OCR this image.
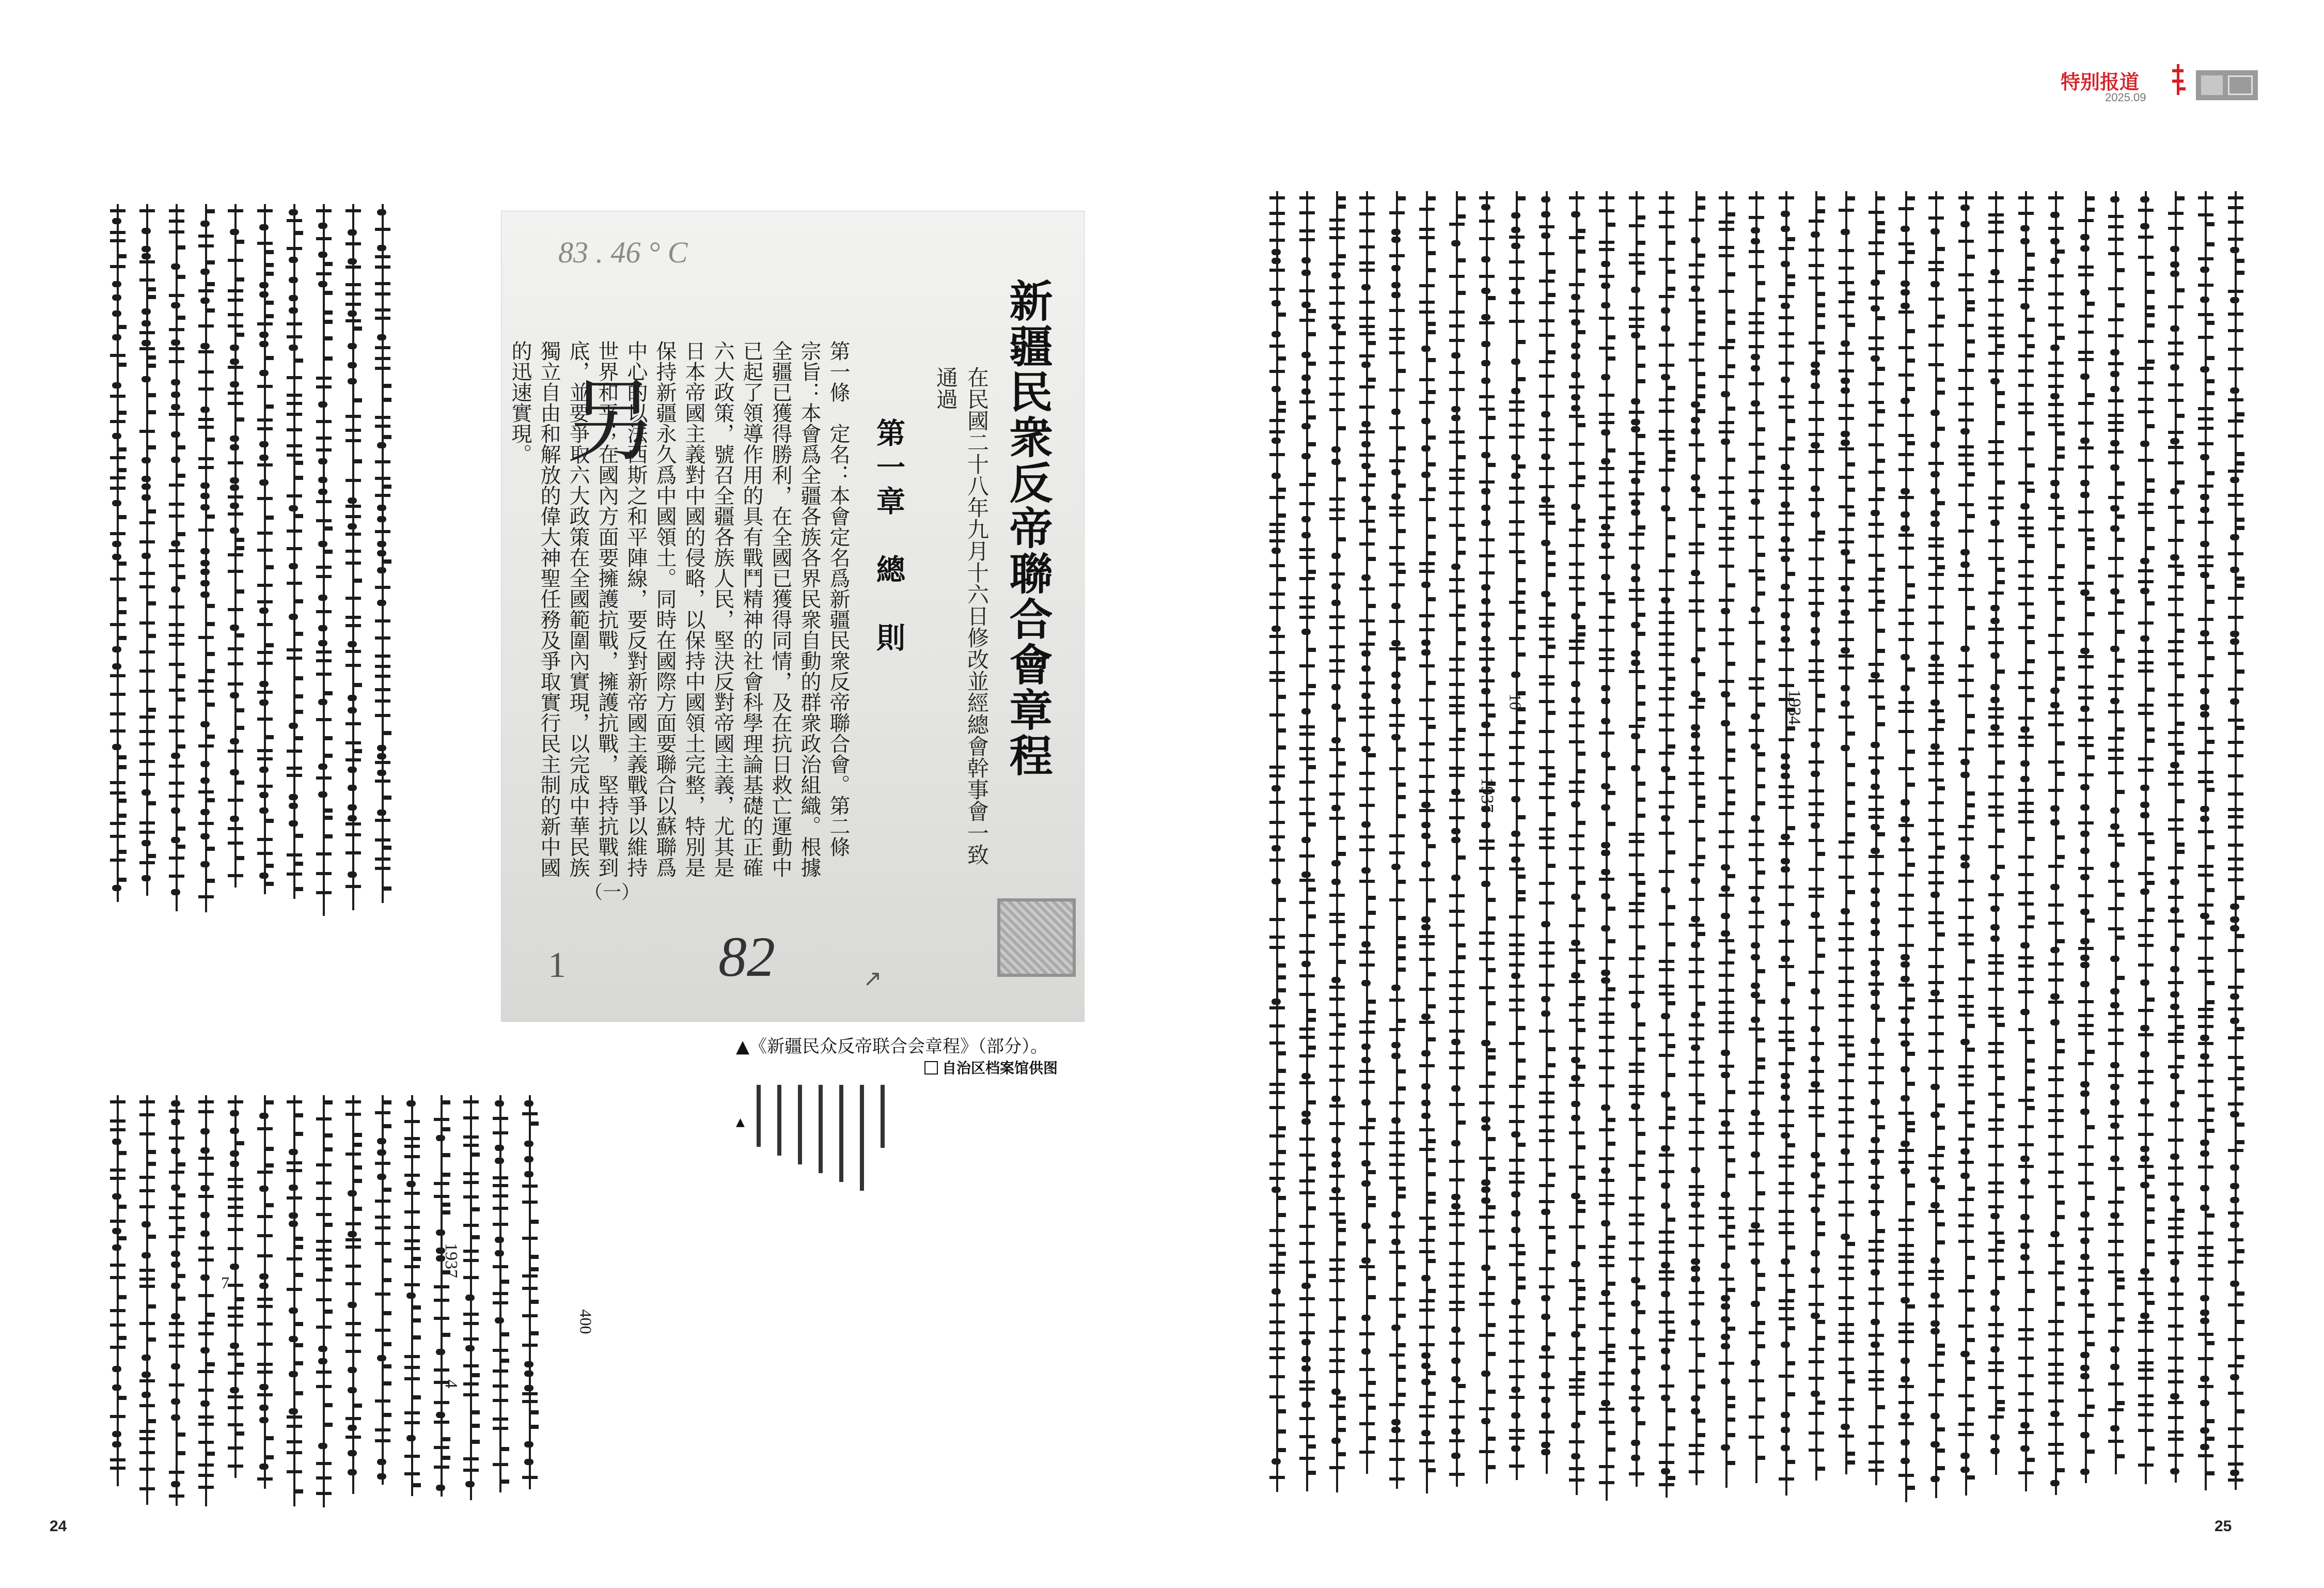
特别报道
2025.09
1937
4
7
400
1934
10
1937
83 . 46 ° C
另	新疆民衆反帝聯合會章程
在民國二十八年九月十六日修改並經總會幹事會一致通過
第一章　總　則
第一條　定名：本會定名爲新疆民衆反帝聯合會。第二條　宗旨：本會爲全疆各族各界民衆自動的群衆政治組織。根據全疆已獲得勝利，在全國已獲得同情，及在抗日救亡運動中已起了領導作用的具有戰鬥精神的社會科學理論基礎的正確六大政策，號召全疆各族人民，堅決反對帝國主義，尤其是日本帝國主義對中國的侵略，以保持中國領土完整，特別是保持新疆永久爲中國領土。同時在國際方面要聯合以蘇聯爲中心的以法西斯之和平陣線，要反對新帝國主義戰爭以維持世界和平；在國內方面要擁護抗戰，擁護抗戰，堅持抗戰到底，並要爭取六大政策在全國範圍內實現，以完成中華民族獨立自由和解放的偉大神聖任務及爭取實行民主制的新中國的迅速實現。
（一）
1	82	↗
▲《新疆民众反帝联合会章程》（部分）。
自治区档案馆供图
▲
24	25
